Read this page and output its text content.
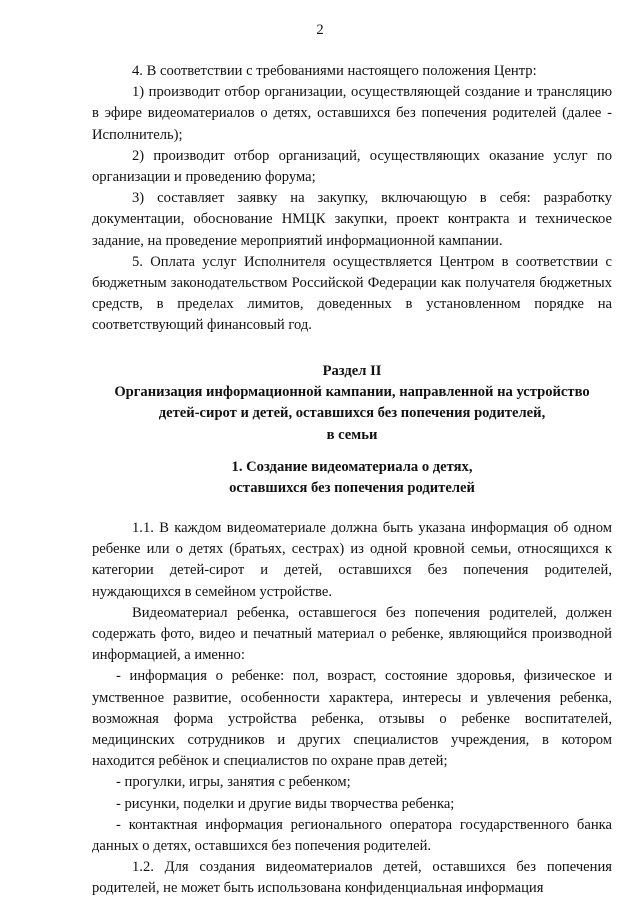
2

4. В соответствии с требованиями настоящего положения Центр:

1) производит отбор организации, осуществляющей создание и трансляцию в эфире видеоматериалов о детях, оставшихся без попечения родителей (далее - Исполнитель);

2) производит отбор организаций, осуществляющих оказание услуг по организации и проведению форума;

3) составляет заявку на закупку, включающую в себя: разработку документации, обоснование НМЦК закупки, проект контракта и техническое задание, на проведение мероприятий информационной кампании.

5. Оплата услуг Исполнителя осуществляется Центром в соответствии с бюджетным законодательством Российской Федерации как получателя бюджетных средств, в пределах лимитов, доведенных в установленном порядке на соответствующий финансовый год.

Раздел II

Организация информационной кампании, направленной на устройство

детей-сирот и детей, оставшихся без попечения родителей,

в семьи

1. Создание видеоматериала о детях,

оставшихся без попечения родителей

1.1. В каждом видеоматериале должна быть указана информация об одном ребенке или о детях (братьях, сестрах) из одной кровной семьи, относящихся к категории детей-сирот и детей, оставшихся без попечения родителей, нуждающихся в семейном устройстве.

Видеоматериал ребенка, оставшегося без попечения родителей, должен содержать фото, видео и печатный материал о ребенке, являющийся производной информацией, а именно:

- информация о ребенке: пол, возраст, состояние здоровья, физическое и умственное развитие, особенности характера, интересы и увлечения ребенка, возможная форма устройства ребенка, отзывы о ребенке воспитателей, медицинских сотрудников и других специалистов учреждения, в котором находится ребёнок и специалистов по охране прав детей;

- прогулки, игры, занятия с ребенком;

- рисунки, поделки и другие виды творчества ребенка;

- контактная информация регионального оператора государственного банка данных о детях, оставшихся без попечения родителей.

1.2. Для создания видеоматериалов детей, оставшихся без попечения родителей, не может быть использована конфиденциальная информация
